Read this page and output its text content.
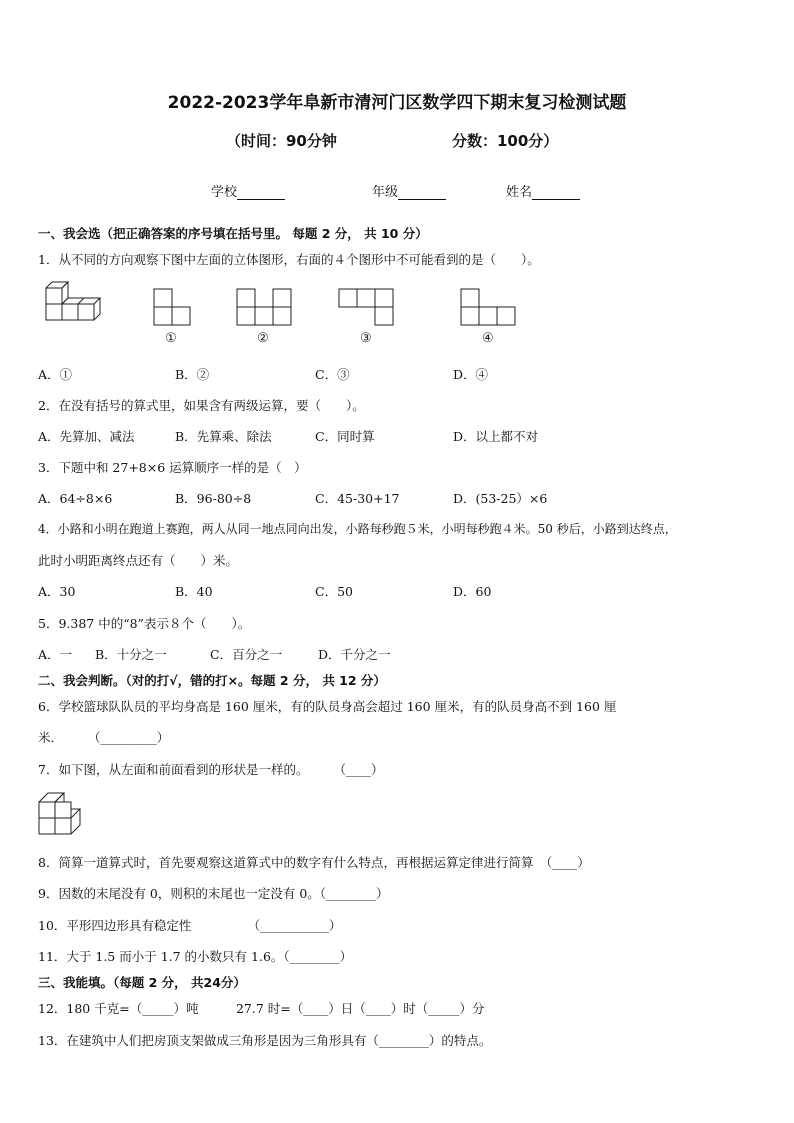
2022-2023学年阜新市清河门区数学四下期末复习检测试题
（时间：90分钟	分数：100分）
学校	年级	姓名
一、我会选（把正确答案的序号填在括号里。 每题 2 分， 共 10 分）
1．从不同的方向观察下图中左面的立体图形，右面的４个图形中不可能看到的是（　　）。
①	②	③	④
A．①	B．②	C．③	D．④
2．在没有括号的算式里，如果含有两级运算，要（　　）。
A．先算加、减法	B．先算乘、除法	C．同时算	D．以上都不对
3．下题中和 27+8×6 运算顺序一样的是（　）
A．64÷8×6	B．96-80÷8	C．45-30+17	D．(53-25）×6
4．小路和小明在跑道上赛跑，两人从同一地点同向出发，小路每秒跑５米，小明每秒跑４米。50 秒后，小路到达终点，
此时小明距离终点还有（　　）米。
A．30	B．40	C．50	D．60
5．9.387 中的“8”表示８个（　　）。
A．一 B．十分之一	C．百分之一	D．千分之一
二、我会判断。（对的打√，错的打×。每题 2 分， 共 12 分）
6．学校篮球队队员的平均身高是 160 厘米，有的队员身高会超过 160 厘米，有的队员身高不到 160 厘
米．　　　（_________）
7．如下图，从左面和前面看到的形状是一样的。　　　（____）
8．简算一道算式时，首先要观察这道算式中的数字有什么特点，再根据运算定律进行简算　（____）
9．因数的末尾没有 0，则积的末尾也一定没有 0。（________）
10．平形四边形具有稳定性　　　　　（___________）
11．大于 1.5 而小于 1.7 的小数只有 1.6。（________）
三、我能填。（每题 2 分， 共24分）
12．180 千克=（_____）吨　　　27.7 时=（____）日（____）时（_____）分
13．在建筑中人们把房顶支架做成三角形是因为三角形具有（________）的特点。
